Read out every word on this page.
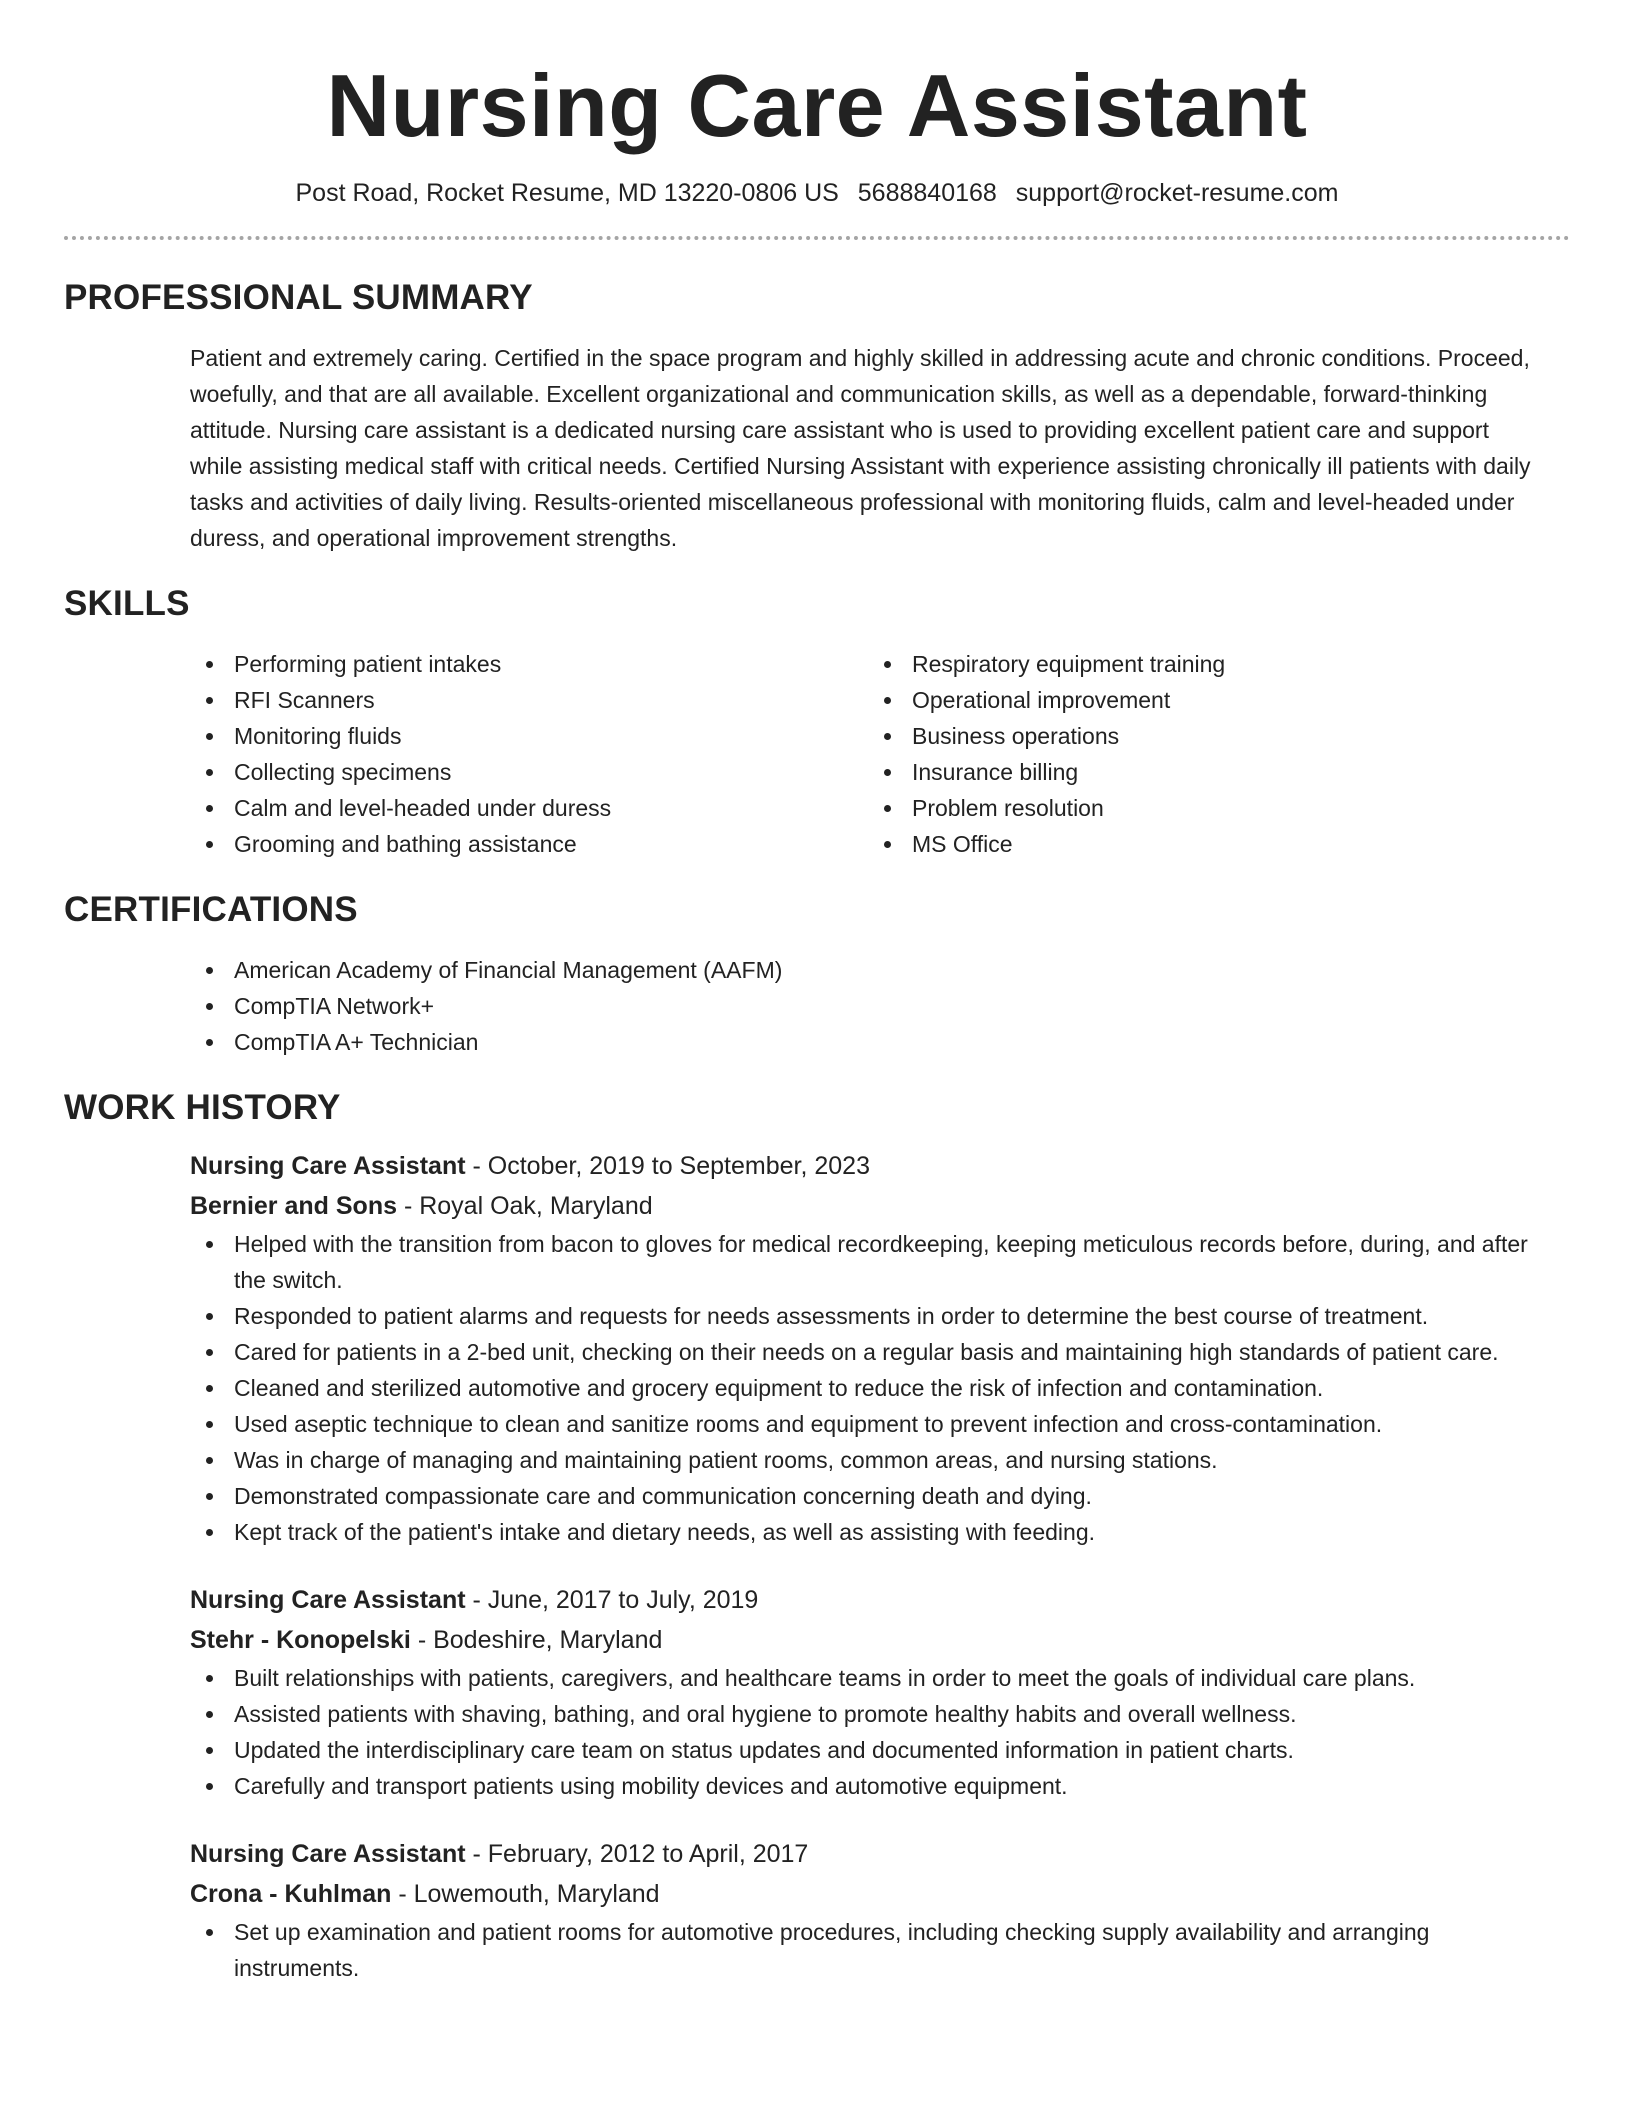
Nursing Care Assistant
Post Road, Rocket Resume, MD 13220-0806 US 5688840168 support@rocket-resume.com
PROFESSIONAL SUMMARY

Patient and extremely caring. Certified in the space program and highly skilled in addressing acute and chronic conditions. Proceed, woefully, and that are all available. Excellent organizational and communication skills, as well as a dependable, forward-thinking attitude. Nursing care assistant is a dedicated nursing care assistant who is used to providing excellent patient care and support while assisting medical staff with critical needs. Certified Nursing Assistant with experience assisting chronically ill patients with daily tasks and activities of daily living. Results-oriented miscellaneous professional with monitoring fluids, calm and level-headed under duress, and operational improvement strengths.

SKILLS
Performing patient intakes
RFI Scanners
Monitoring fluids
Collecting specimens
Calm and level-headed under duress
Grooming and bathing assistance
Respiratory equipment training
Operational improvement
Business operations
Insurance billing
Problem resolution
MS Office
CERTIFICATIONS
American Academy of Financial Management (AAFM)
CompTIA Network+
CompTIA A+ Technician
WORK HISTORY
Nursing Care Assistant - October, 2019 to September, 2023
Bernier and Sons - Royal Oak, Maryland
Helped with the transition from bacon to gloves for medical recordkeeping, keeping meticulous records before, during, and after the switch.
Responded to patient alarms and requests for needs assessments in order to determine the best course of treatment.
Cared for patients in a 2-bed unit, checking on their needs on a regular basis and maintaining high standards of patient care.
Cleaned and sterilized automotive and grocery equipment to reduce the risk of infection and contamination.
Used aseptic technique to clean and sanitize rooms and equipment to prevent infection and cross-contamination.
Was in charge of managing and maintaining patient rooms, common areas, and nursing stations.
Demonstrated compassionate care and communication concerning death and dying.
Kept track of the patient's intake and dietary needs, as well as assisting with feeding.
Nursing Care Assistant - June, 2017 to July, 2019
Stehr - Konopelski - Bodeshire, Maryland
Built relationships with patients, caregivers, and healthcare teams in order to meet the goals of individual care plans.
Assisted patients with shaving, bathing, and oral hygiene to promote healthy habits and overall wellness.
Updated the interdisciplinary care team on status updates and documented information in patient charts.
Carefully and transport patients using mobility devices and automotive equipment.
Nursing Care Assistant - February, 2012 to April, 2017
Crona - Kuhlman - Lowemouth, Maryland
Set up examination and patient rooms for automotive procedures, including checking supply availability and arranging instruments.
